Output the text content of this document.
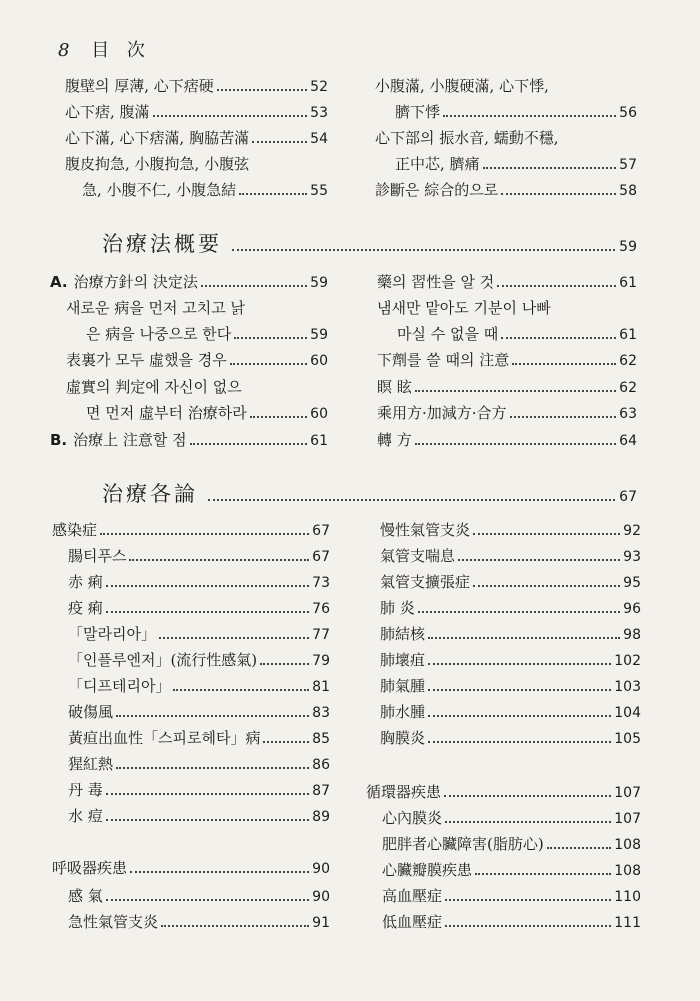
8 目 次
腹壁의 厚薄, 心下痞硬	52
心下痞, 腹滿	53
心下滿, 心下痞滿, 胸脇苦滿	54
腹皮拘急, 小腹拘急, 小腹弦
急, 小腹不仁, 小腹急結	55
小腹滿, 小腹硬滿, 心下悸,
臍下悸	56
心下部의 振水音, 蠕動不穩,
正中芯, 臍痛	57
診斷은 綜合的으로	58
治療法概要	59
A. 治療方針의 決定法	59
새로운 病을 먼저 고치고 낡
은 病을 나중으로 한다	59
表裏가 모두 虛했을 경우	60
虛實의 判定에 자신이 없으
면 먼저 虛부터 治療하라	60
B. 治療上 注意할 점	61
藥의 習性을 알 것	61
냄새만 맡아도 기분이 나빠
마실 수 없을 때	61
下劑를 쓸 때의 注意	62
瞑 眩	62
乘用方·加減方·合方	63
轉 方	64
治療各論	67
感染症	67
腸티푸스	67
赤 痢	73
疫 痢	76
「말라리아」	77
「인플루엔저」(流行性感氣)	79
「디프테리아」	81
破傷風	83
黃疸出血性「스피로헤타」病	85
猩紅熱	86
丹 毒	87
水 痘	89
呼吸器疾患	90
感 氣	90
急性氣管支炎	91
慢性氣管支炎	92
氣管支喘息	93
氣管支擴張症	95
肺 炎	96
肺結核	98
肺壞疽	102
肺氣腫	103
肺水腫	104
胸膜炎	105
循環器疾患	107
心內膜炎	107
肥胖者心臟障害(脂肪心)	108
心臟瓣膜疾患	108
高血壓症	110
低血壓症	111
